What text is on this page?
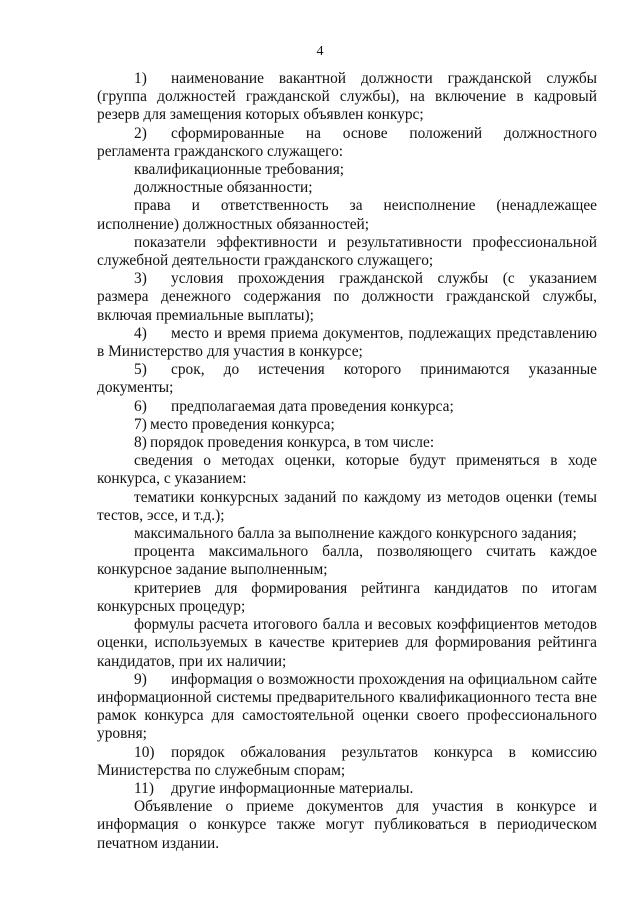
4

1) наименование вакантной должности гражданской службы (группа должностей гражданской службы), на включение в кадровый резерв для замещения которых объявлен конкурс;

2) сформированные на основе положений должностного регламента гражданского служащего:

квалификационные требования;

должностные обязанности;

права и ответственность за неисполнение (ненадлежащее исполнение) должностных обязанностей;

показатели эффективности и результативности профессиональной служебной деятельности гражданского служащего;

3) условия прохождения гражданской службы (с указанием размера денежного содержания по должности гражданской службы, включая премиальные выплаты);

4) место и время приема документов, подлежащих представлению в Министерство для участия в конкурсе;

5) срок, до истечения которого принимаются указанные документы;

6) предполагаемая дата проведения конкурса;

7) место проведения конкурса;

8) порядок проведения конкурса, в том числе:

сведения о методах оценки, которые будут применяться в ходе конкурса, с указанием:

тематики конкурсных заданий по каждому из методов оценки (темы тестов, эссе, и т.д.);

максимального балла за выполнение каждого конкурсного задания;

процента максимального балла, позволяющего считать каждое конкурсное задание выполненным;

критериев для формирования рейтинга кандидатов по итогам конкурсных процедур;

формулы расчета итогового балла и весовых коэффициентов методов оценки, используемых в качестве критериев для формирования рейтинга кандидатов, при их наличии;

9) информация о возможности прохождения на официальном сайте информационной системы предварительного квалификационного теста вне рамок конкурса для самостоятельной оценки своего профессионального уровня;

10) порядок обжалования результатов конкурса в комиссию Министерства по служебным спорам;

11) другие информационные материалы.

Объявление о приеме документов для участия в конкурсе и информация о конкурсе также могут публиковаться в периодическом печатном издании.
